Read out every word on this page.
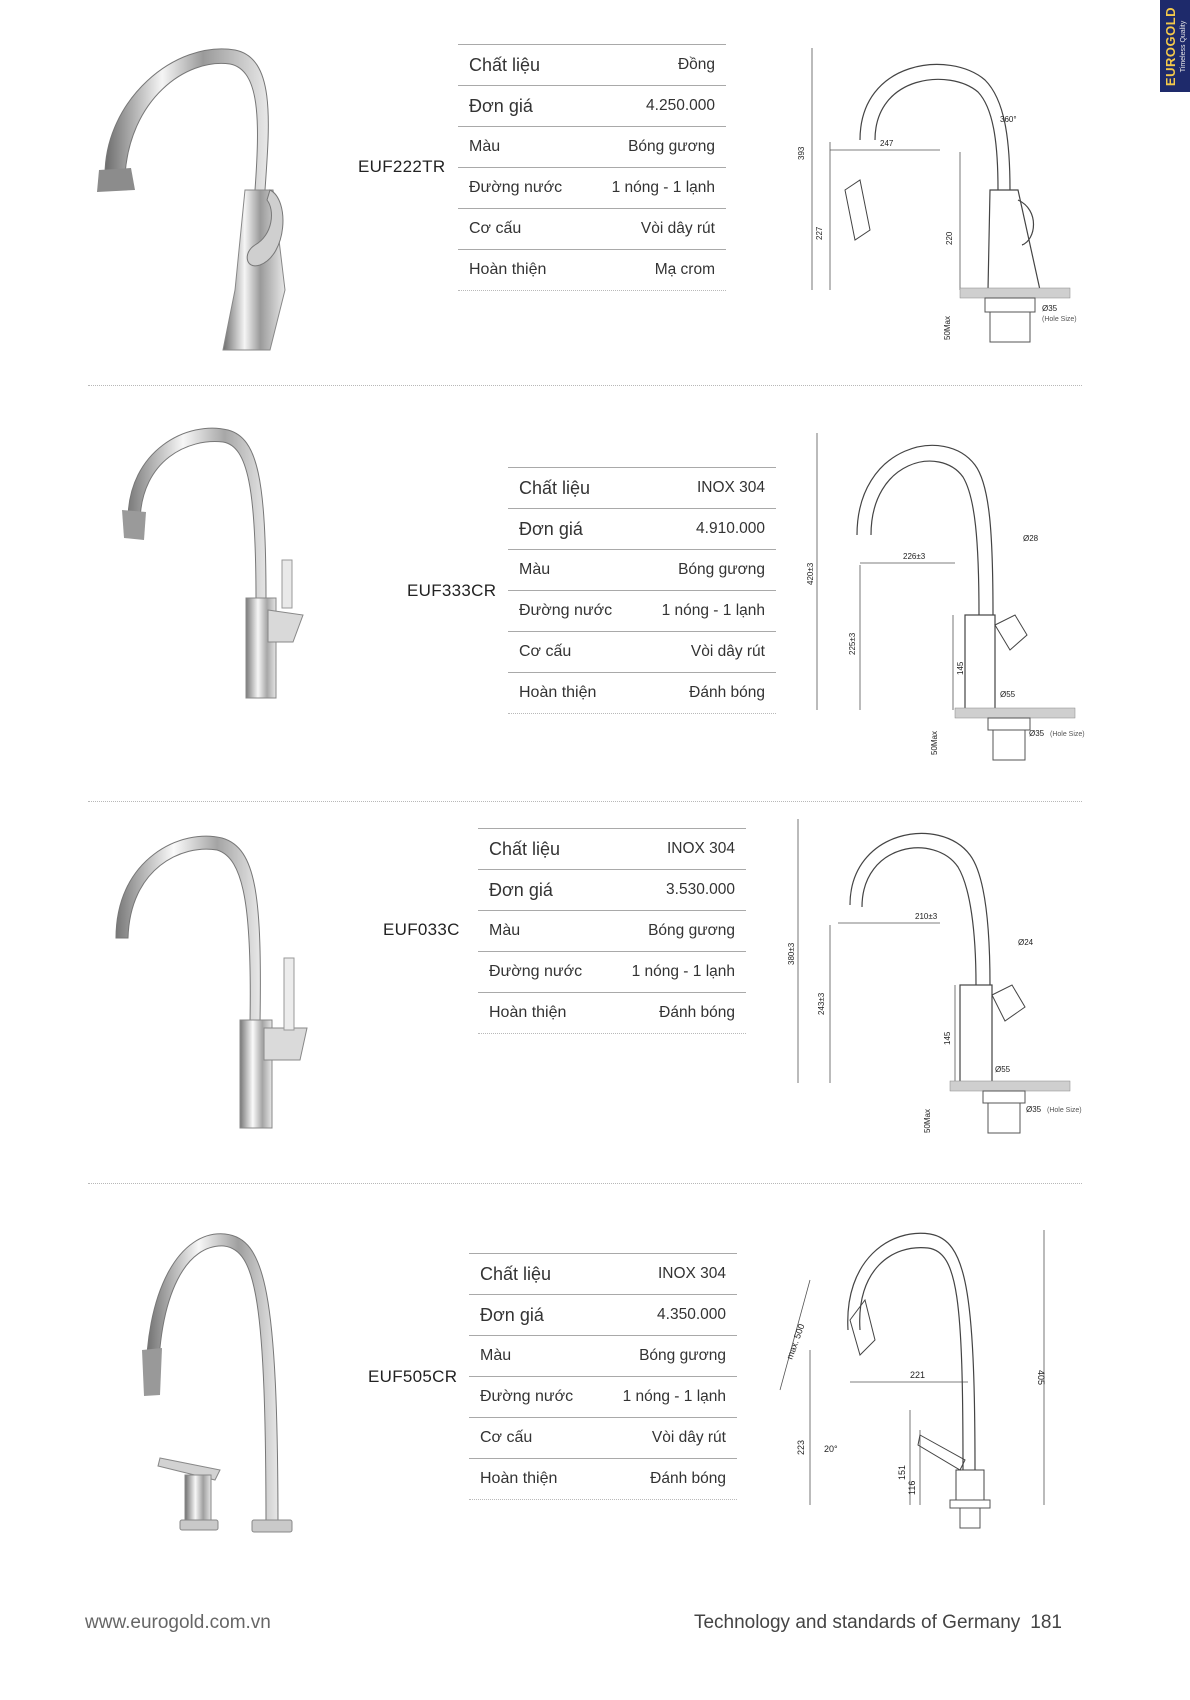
EUROGOLD Timeless Quality
EUF222TR
Chất liệu	Đồng
Đơn giá	4.250.000
Màu	Bóng gương
Đường nước	1 nóng - 1 lạnh
Cơ cấu	Vòi dây rút
Hoàn thiện	Mạ crom
393
227	220
247
360°
50Max
Ø35
(Hole Size)
EUF333CR
Chất liệu	INOX 304
Đơn giá	4.910.000
Màu	Bóng gương
Đường nước	1 nóng - 1 lạnh
Cơ cấu	Vòi dây rút
Hoàn thiện	Đánh bóng
420±3
225±3
145
226±3
Ø28
Ø55
50Max	Ø35 (Hole Size)
EUF033C
Chất liệu	INOX 304
Đơn giá	3.530.000
Màu	Bóng gương
Đường nước	1 nóng - 1 lạnh
Hoàn thiện	Đánh bóng
380±3
243±3
145
210±3
Ø24
Ø55
50Max	Ø35 (Hole Size)
EUF505CR
Chất liệu	INOX 304
Đơn giá	4.350.000
Màu	Bóng gương
Đường nước	1 nóng - 1 lạnh
Cơ cấu	Vòi dây rút
Hoàn thiện	Đánh bóng
405
223
151
116
221
max. 500
20°
www.eurogold.com.vn	Technology and standards of Germany 181
